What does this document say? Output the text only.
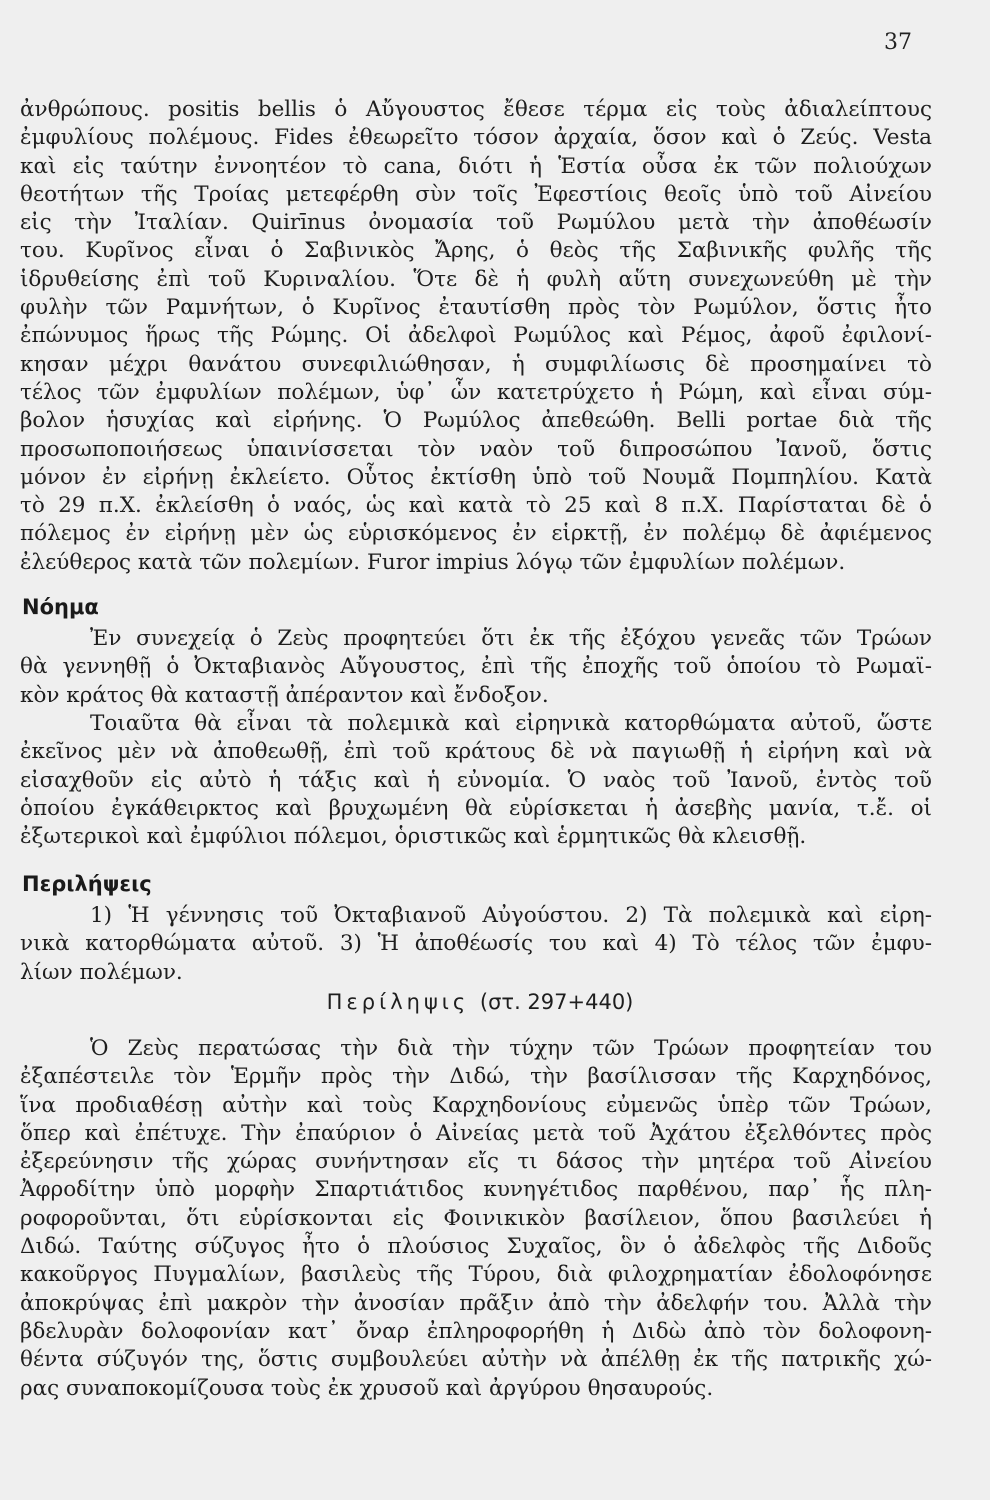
37
ἀνθρώπους. positis bellis ὁ Αὔγουστος ἔθεσε τέρμα εἰς τοὺς ἀδιαλείπτους
ἐμφυλίους πολέμους. Fides ἐθεωρεῖτο τόσον ἀρχαία, ὅσον καὶ ὁ Ζεύς. Vesta
καὶ εἰς ταύτην ἐννοητέον τὸ cana, διότι ἡ Ἑστία οὖσα ἐκ τῶν πολιούχων
θεοτήτων τῆς Τροίας μετεφέρθη σὺν τοῖς Ἐφεστίοις θεοῖς ὑπὸ τοῦ Αἰνείου
εἰς τὴν Ἰταλίαν. Quirīnus ὀνομασία τοῦ Ρωμύλου μετὰ τὴν ἀποθέωσίν
του. Κυρῖνος εἶναι ὁ Σαβινικὸς Ἄρης, ὁ θεὸς τῆς Σαβινικῆς φυλῆς τῆς
ἱδρυθείσης ἐπὶ τοῦ Κυριναλίου. Ὅτε δὲ ἡ φυλὴ αὕτη συνεχωνεύθη μὲ τὴν
φυλὴν τῶν Ραμνήτων, ὁ Κυρῖνος ἐταυτίσθη πρὸς τὸν Ρωμύλον, ὅστις ἦτο
ἐπώνυμος ἥρως τῆς Ρώμης. Οἱ ἀδελφοὶ Ρωμύλος καὶ Ρέμος, ἀφοῦ ἐφιλονί-
κησαν μέχρι θανάτου συνεφιλιώθησαν, ἡ συμφιλίωσις δὲ προσημαίνει τὸ
τέλος τῶν ἐμφυλίων πολέμων, ὑφ᾽ ὧν κατετρύχετο ἡ Ρώμη, καὶ εἶναι σύμ-
βολον ἡσυχίας καὶ εἰρήνης. Ὁ Ρωμύλος ἀπεθεώθη. Belli portae διὰ τῆς
προσωποποιήσεως ὑπαινίσσεται τὸν ναὸν τοῦ διπροσώπου Ἰανοῦ, ὅστις
μόνον ἐν εἰρήνῃ ἐκλείετο. Οὗτος ἐκτίσθη ὑπὸ τοῦ Νουμᾶ Πομπηλίου. Κατὰ
τὸ 29 π.Χ. ἐκλείσθη ὁ ναός, ὡς καὶ κατὰ τὸ 25 καὶ 8 π.Χ. Παρίσταται δὲ ὁ
πόλεμος ἐν εἰρήνῃ μὲν ὡς εὑρισκόμενος ἐν εἱρκτῇ, ἐν πολέμῳ δὲ ἀφιέμενος
ἐλεύθερος κατὰ τῶν πολεμίων. Furor impius λόγῳ τῶν ἐμφυλίων πολέμων.
Νόημα
Ἐν συνεχείᾳ ὁ Ζεὺς προφητεύει ὅτι ἐκ τῆς ἐξόχου γενεᾶς τῶν Τρώων
θὰ γεννηθῇ ὁ Ὀκταβιανὸς Αὔγουστος, ἐπὶ τῆς ἐποχῆς τοῦ ὁποίου τὸ Ρωμαϊ-
κὸν κράτος θὰ καταστῇ ἀπέραντον καὶ ἔνδοξον.
Τοιαῦτα θὰ εἶναι τὰ πολεμικὰ καὶ εἰρηνικὰ κατορθώματα αὐτοῦ, ὥστε
ἐκεῖνος μὲν νὰ ἀποθεωθῇ, ἐπὶ τοῦ κράτους δὲ νὰ παγιωθῇ ἡ εἰρήνη καὶ νὰ
εἰσαχθοῦν εἰς αὐτὸ ἡ τάξις καὶ ἡ εὐνομία. Ὁ ναὸς τοῦ Ἰανοῦ, ἐντὸς τοῦ
ὁποίου ἐγκάθειρκτος καὶ βρυχωμένη θὰ εὑρίσκεται ἡ ἀσεβὴς μανία, τ.ἔ. οἱ
ἐξωτερικοὶ καὶ ἐμφύλιοι πόλεμοι, ὁριστικῶς καὶ ἑρμητικῶς θὰ κλεισθῇ.
Περιλήψεις
1) Ἡ γέννησις τοῦ Ὀκταβιανοῦ Αὐγούστου. 2) Τὰ πολεμικὰ καὶ εἰρη-
νικὰ κατορθώματα αὐτοῦ. 3) Ἡ ἀποθέωσίς του καὶ 4) Τὸ τέλος τῶν ἐμφυ-
λίων πολέμων.
Περίληψις (στ. 297+440)
Ὁ Ζεὺς περατώσας τὴν διὰ τὴν τύχην τῶν Τρώων προφητείαν του
ἐξαπέστειλε τὸν Ἑρμῆν πρὸς τὴν Διδώ, τὴν βασίλισσαν τῆς Καρχηδόνος,
ἵνα προδιαθέσῃ αὐτὴν καὶ τοὺς Καρχηδονίους εὐμενῶς ὑπὲρ τῶν Τρώων,
ὅπερ καὶ ἐπέτυχε. Τὴν ἐπαύριον ὁ Αἰνείας μετὰ τοῦ Ἀχάτου ἐξελθόντες πρὸς
ἐξερεύνησιν τῆς χώρας συνήντησαν εἴς τι δάσος τὴν μητέρα τοῦ Αἰνείου
Ἀφροδίτην ὑπὸ μορφὴν Σπαρτιάτιδος κυνηγέτιδος παρθένου, παρ᾽ ἧς πλη-
ροφοροῦνται, ὅτι εὑρίσκονται εἰς Φοινικικὸν βασίλειον, ὅπου βασιλεύει ἡ
Διδώ. Ταύτης σύζυγος ἦτο ὁ πλούσιος Συχαῖος, ὃν ὁ ἀδελφὸς τῆς Διδοῦς
κακοῦργος Πυγμαλίων, βασιλεὺς τῆς Τύρου, διὰ φιλοχρηματίαν ἐδολοφόνησε
ἀποκρύψας ἐπὶ μακρὸν τὴν ἀνοσίαν πρᾶξιν ἀπὸ τὴν ἀδελφήν του. Ἀλλὰ τὴν
βδελυρὰν δολοφονίαν κατ᾽ ὄναρ ἐπληροφορήθη ἡ Διδὼ ἀπὸ τὸν δολοφονη-
θέντα σύζυγόν της, ὅστις συμβουλεύει αὐτὴν νὰ ἀπέλθῃ ἐκ τῆς πατρικῆς χώ-
ρας συναποκομίζουσα τοὺς ἐκ χρυσοῦ καὶ ἀργύρου θησαυρούς.
